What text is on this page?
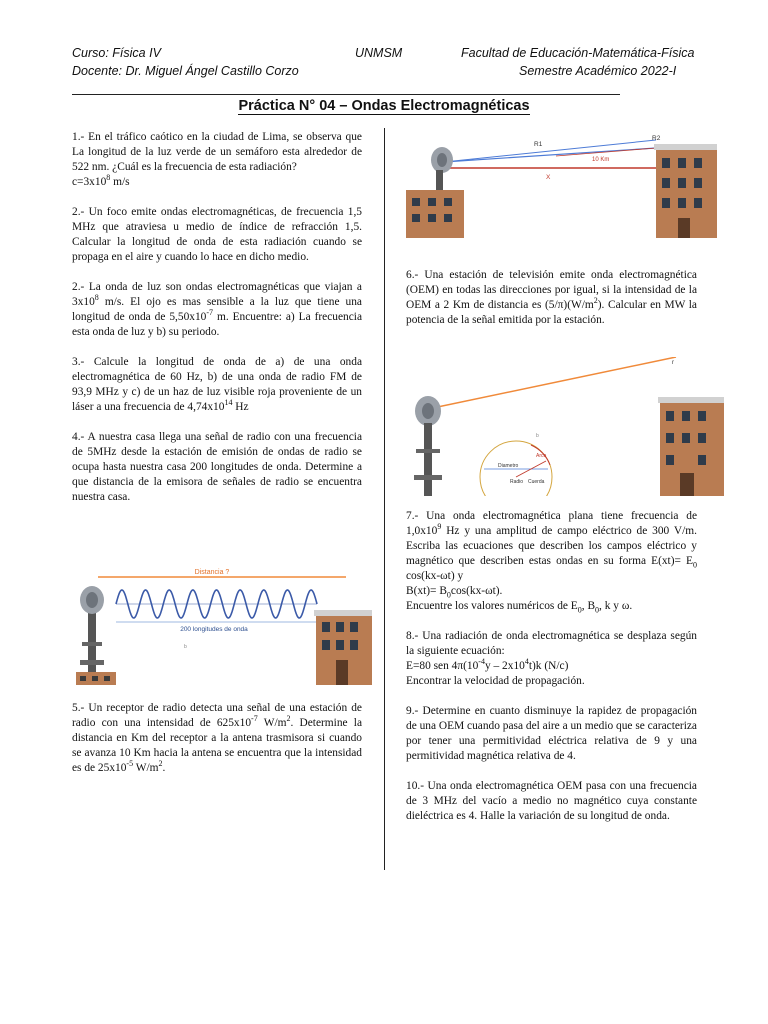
Curso: Física IV	UNMSM	Facultad de Educación-Matemática-Física
Docente: Dr. Miguel Ángel Castillo Corzo	Semestre Académico 2022-I
Práctica N° 04 – Ondas Electromagnéticas

1.- En el tráfico caótico en la ciudad de Lima, se observa que La longitud de la luz verde de un semáforo esta alrededor de 522 nm. ¿Cuál es la frecuencia de esta radiación?

$c=3x10^8$ m/s

2.- Un foco emite ondas electromagnéticas, de frecuencia 1,5 MHz que atraviesa u medio de índice de refracción 1,5. Calcular la longitud de onda de esta radiación cuando se propaga en el aire y cuando lo hace en dicho medio.

2.- La onda de luz son ondas electromagnéticas que viajan a $3x10^8$ m/s. El ojo es mas sensible a la luz que tiene una longitud de onda de $5,50x10^{-7}$ m. Encuentre: a) La frecuencia esta onda de luz y b) su periodo.

3.- Calcule la longitud de onda de a) de una onda electromagnética de 60 Hz, b) de una onda de radio FM de 93,9 MHz y c) de un haz de luz visible roja proveniente de un láser a una frecuencia de $4,74x10^{14}$ Hz

4.- A nuestra casa llega una señal de radio con una frecuencia de 5MHz desde la estación de emisión de ondas de radio se ocupa hasta nuestra casa 200 longitudes de onda. Determine a que distancia de la emisora de señales de radio se encuentra nuestra casa.

Distancia ?
200 longitudes de onda
b

5.- Un receptor de radio detecta una señal de una estación de radio con una intensidad de $625x10^{-7}$ $W/m^2$. Determine la distancia en Km del receptor a la antena trasmisora si cuando se avanza 10 Km hacia la antena se encuentra que la intensidad es de $25x10^{-5}$ $W/m^2$.

R1
R2
10 Km
X

6.- Una estación de televisión emite onda electromagnética (OEM) en todas las direcciones por igual, si la intensidad de la OEM a 2 Km de distancia es $(5/\pi)(W/m^2)$. Calcular en MW la potencia de la señal emitida por la estación.

r
b
Diametro
Arco
Radio Cuerda

7.- Una onda electromagnética plana tiene frecuencia de $1,0x10^9$ Hz y una amplitud de campo eléctrico de 300 V/m. Escriba las ecuaciones que describen los campos eléctrico y magnético que describen estas ondas en su forma $E(xt)= E_0$ cos(kx-ωt) y

$B(xt)= B_0\cos(kx-\omega t)$.

Encuentre los valores numéricos de $E_0$, $B_0$, k y ω.

8.- Una radiación de onda electromagnética se desplaza según la siguiente ecuación:

E=80 sen $4\pi(10^{-4}y - 2x10^4t)k$ (N/c)

Encontrar la velocidad de propagación.

9.- Determine en cuanto disminuye la rapidez de propagación de una OEM cuando pasa del aire a un medio que se caracteriza por tener una permitividad eléctrica relativa de 9 y una permitividad magnética relativa de 4.

10.- Una onda electromagnética OEM pasa con una frecuencia de 3 MHz del vacío a medio no magnético cuya constante dieléctrica es 4. Halle la variación de su longitud de onda.
